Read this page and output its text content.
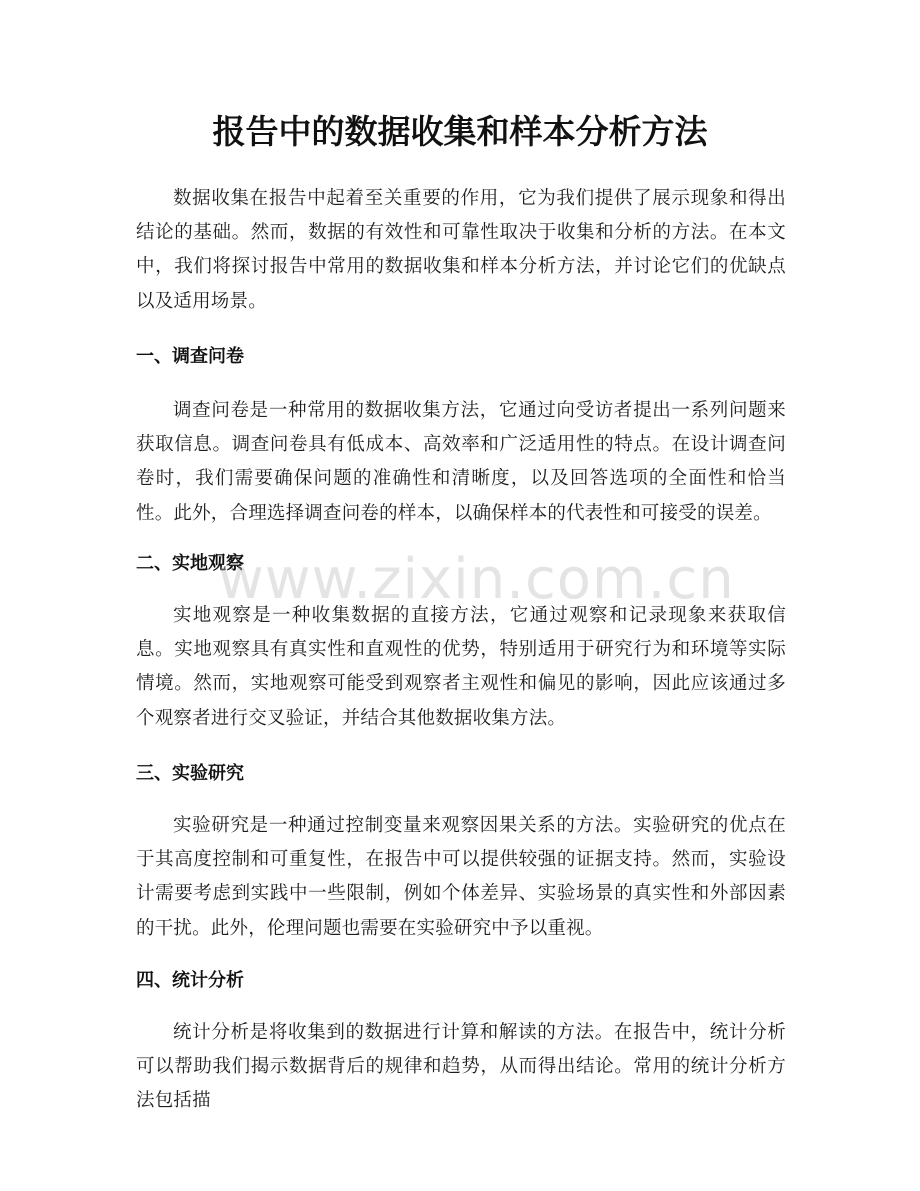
报告中的数据收集和样本分析方法

数据收集在报告中起着至关重要的作用，它为我们提供了展示现象和得出结论的基础。然而，数据的有效性和可靠性取决于收集和分析的方法。在本文中，我们将探讨报告中常用的数据收集和样本分析方法，并讨论它们的优缺点以及适用场景。

一、调查问卷

调查问卷是一种常用的数据收集方法，它通过向受访者提出一系列问题来获取信息。调查问卷具有低成本、高效率和广泛适用性的特点。在设计调查问卷时，我们需要确保问题的准确性和清晰度，以及回答选项的全面性和恰当性。此外，合理选择调查问卷的样本，以确保样本的代表性和可接受的误差。

二、实地观察

实地观察是一种收集数据的直接方法，它通过观察和记录现象来获取信息。实地观察具有真实性和直观性的优势，特别适用于研究行为和环境等实际情境。然而，实地观察可能受到观察者主观性和偏见的影响，因此应该通过多个观察者进行交叉验证，并结合其他数据收集方法。

三、实验研究

实验研究是一种通过控制变量来观察因果关系的方法。实验研究的优点在于其高度控制和可重复性，在报告中可以提供较强的证据支持。然而，实验设计需要考虑到实践中一些限制，例如个体差异、实验场景的真实性和外部因素的干扰。此外，伦理问题也需要在实验研究中予以重视。

四、统计分析

统计分析是将收集到的数据进行计算和解读的方法。在报告中，统计分析可以帮助我们揭示数据背后的规律和趋势，从而得出结论。常用的统计分析方法包括描

www.zixin.com.cn
